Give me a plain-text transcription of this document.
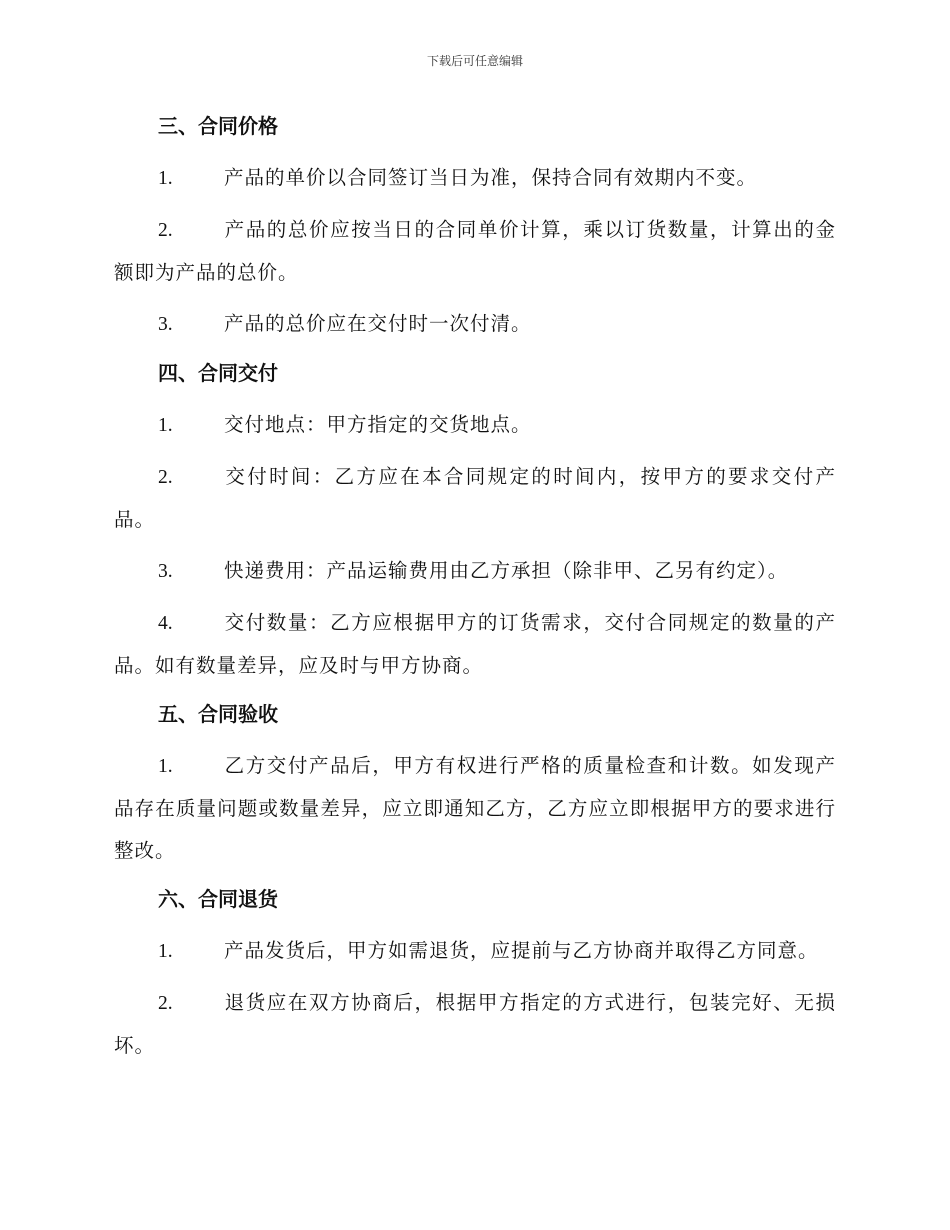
下载后可任意编辑
三、合同价格

1.	产品的单价以合同签订当日为准，保持合同有效期内不变。

2.	产品的总价应按当日的合同单价计算，乘以订货数量，计算出的金额即为产品的总价。

3.	产品的总价应在交付时一次付清。

四、合同交付

1.	交付地点：甲方指定的交货地点。

2.	交付时间：乙方应在本合同规定的时间内，按甲方的要求交付产品。

3.	快递费用：产品运输费用由乙方承担（除非甲、乙另有约定）。

4.	交付数量：乙方应根据甲方的订货需求，交付合同规定的数量的产品。如有数量差异，应及时与甲方协商。

五、合同验收

1.	乙方交付产品后，甲方有权进行严格的质量检查和计数。如发现产品存在质量问题或数量差异，应立即通知乙方，乙方应立即根据甲方的要求进行整改。

六、合同退货

1.	产品发货后，甲方如需退货，应提前与乙方协商并取得乙方同意。

2.	退货应在双方协商后，根据甲方指定的方式进行，包装完好、无损坏。
